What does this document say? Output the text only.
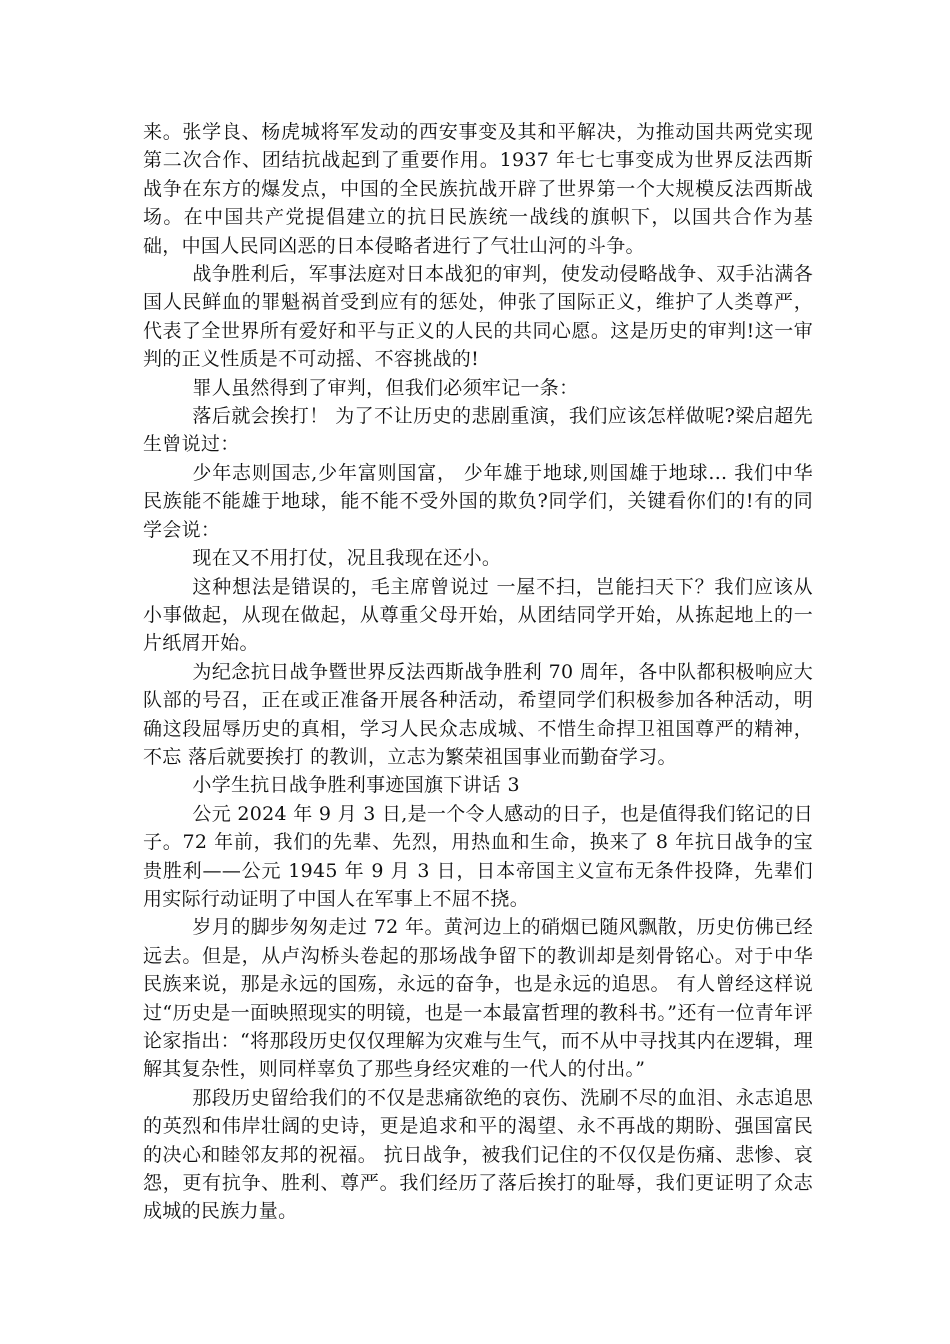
来。张学良、杨虎城将军发动的西安事变及其和平解决，为推动国共两党实现第二次合作、团结抗战起到了重要作用。1937 年七七事变成为世界反法西斯战争在东方的爆发点，中国的全民族抗战开辟了世界第一个大规模反法西斯战场。在中国共产党提倡建立的抗日民族统一战线的旗帜下，以国共合作为基础，中国人民同凶恶的日本侵略者进行了气壮山河的斗争。

战争胜利后，军事法庭对日本战犯的审判，使发动侵略战争、双手沾满各国人民鲜血的罪魁祸首受到应有的惩处，伸张了国际正义，维护了人类尊严，代表了全世界所有爱好和平与正义的人民的共同心愿。这是历史的审判!这一审判的正义性质是不可动摇、不容挑战的!

罪人虽然得到了审判，但我们必须牢记一条：

落后就会挨打！ 为了不让历史的悲剧重演，我们应该怎样做呢?梁启超先生曾说过：

少年志则国志,少年富则国富， 少年雄于地球,则国雄于地球... 我们中华民族能不能雄于地球，能不能不受外国的欺负?同学们，关键看你们的!有的同学会说：

现在又不用打仗，况且我现在还小。

这种想法是错误的，毛主席曾说过 一屋不扫，岂能扫天下？我们应该从小事做起，从现在做起，从尊重父母开始，从团结同学开始，从拣起地上的一片纸屑开始。

为纪念抗日战争暨世界反法西斯战争胜利 70 周年，各中队都积极响应大队部的号召，正在或正准备开展各种活动，希望同学们积极参加各种活动，明确这段屈辱历史的真相，学习人民众志成城、不惜生命捍卫祖国尊严的精神，不忘 落后就要挨打 的教训，立志为繁荣祖国事业而勤奋学习。

小学生抗日战争胜利事迹国旗下讲话 3

公元 2024 年 9 月 3 日,是一个令人感动的日子，也是值得我们铭记的日子。72 年前，我们的先辈、先烈，用热血和生命，换来了 8 年抗日战争的宝贵胜利——公元 1945 年 9 月 3 日，日本帝国主义宣布无条件投降，先辈们用实际行动证明了中国人在军事上不屈不挠。

岁月的脚步匆匆走过 72 年。黄河边上的硝烟已随风飘散，历史仿佛已经远去。但是，从卢沟桥头卷起的那场战争留下的教训却是刻骨铭心。对于中华民族来说，那是永远的国殇，永远的奋争，也是永远的追思。 有人曾经这样说过“历史是一面映照现实的明镜，也是一本最富哲理的教科书。”还有一位青年评论家指出：“将那段历史仅仅理解为灾难与生气，而不从中寻找其内在逻辑，理解其复杂性，则同样辜负了那些身经灾难的一代人的付出。”

那段历史留给我们的不仅是悲痛欲绝的哀伤、洗刷不尽的血泪、永志追思的英烈和伟岸壮阔的史诗，更是追求和平的渴望、永不再战的期盼、强国富民的决心和睦邻友邦的祝福。 抗日战争，被我们记住的不仅仅是伤痛、悲惨、哀怨，更有抗争、胜利、尊严。我们经历了落后挨打的耻辱，我们更证明了众志成城的民族力量。
